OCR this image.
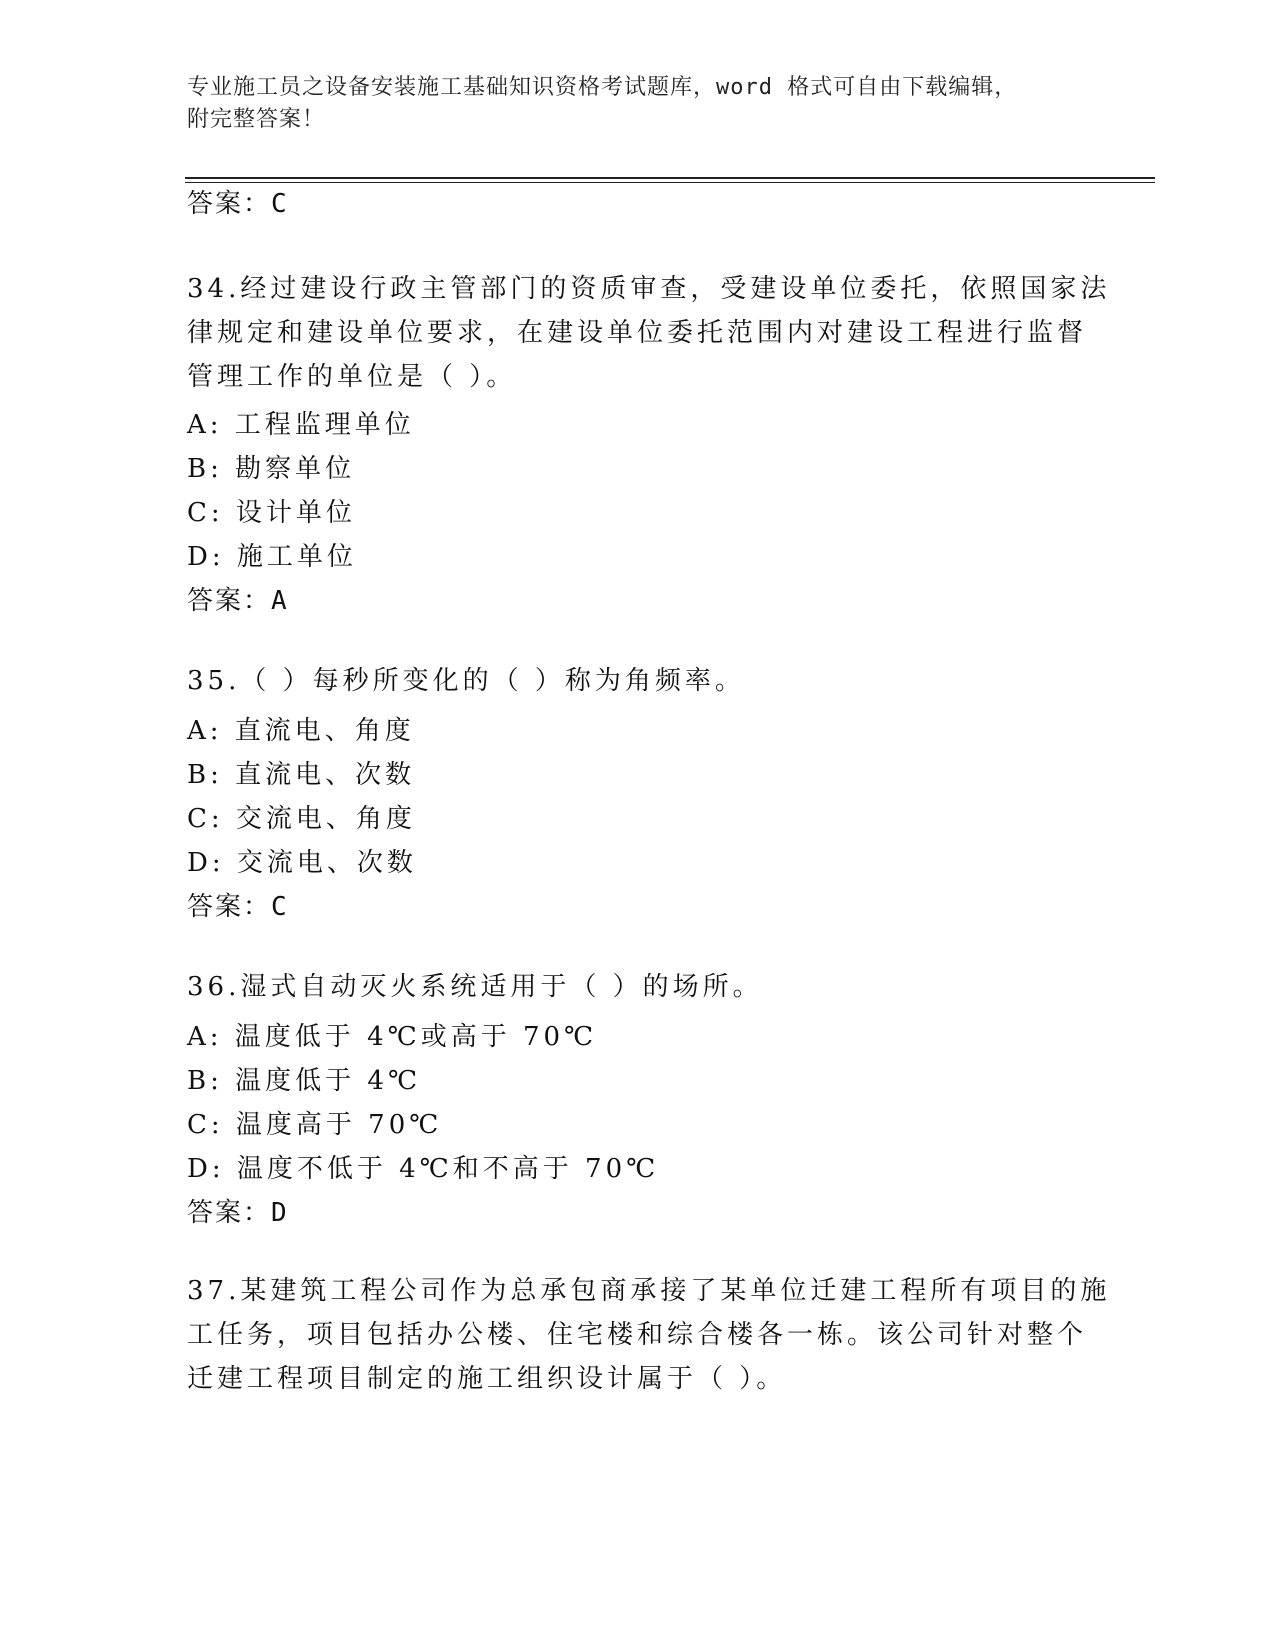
专业施工员之设备安装施工基础知识资格考试题库，word 格式可自由下载编辑，
附完整答案！
答案：C
34.经过建设行政主管部门的资质审查，受建设单位委托，依照国家法
律规定和建设单位要求，在建设单位委托范围内对建设工程进行监督
管理工作的单位是（ ）。
A: 工程监理单位
B: 勘察单位
C: 设计单位
D: 施工单位
答案：A
35.（ ）每秒所变化的（ ）称为角频率。
A: 直流电、角度
B: 直流电、次数
C: 交流电、角度
D: 交流电、次数
答案：C
36.湿式自动灭火系统适用于（ ）的场所。
A: 温度低于 4℃或高于 70℃
B: 温度低于 4℃
C: 温度高于 70℃
D: 温度不低于 4℃和不高于 70℃
答案：D
37.某建筑工程公司作为总承包商承接了某单位迁建工程所有项目的施
工任务，项目包括办公楼、住宅楼和综合楼各一栋。该公司针对整个
迁建工程项目制定的施工组织设计属于（ ）。
